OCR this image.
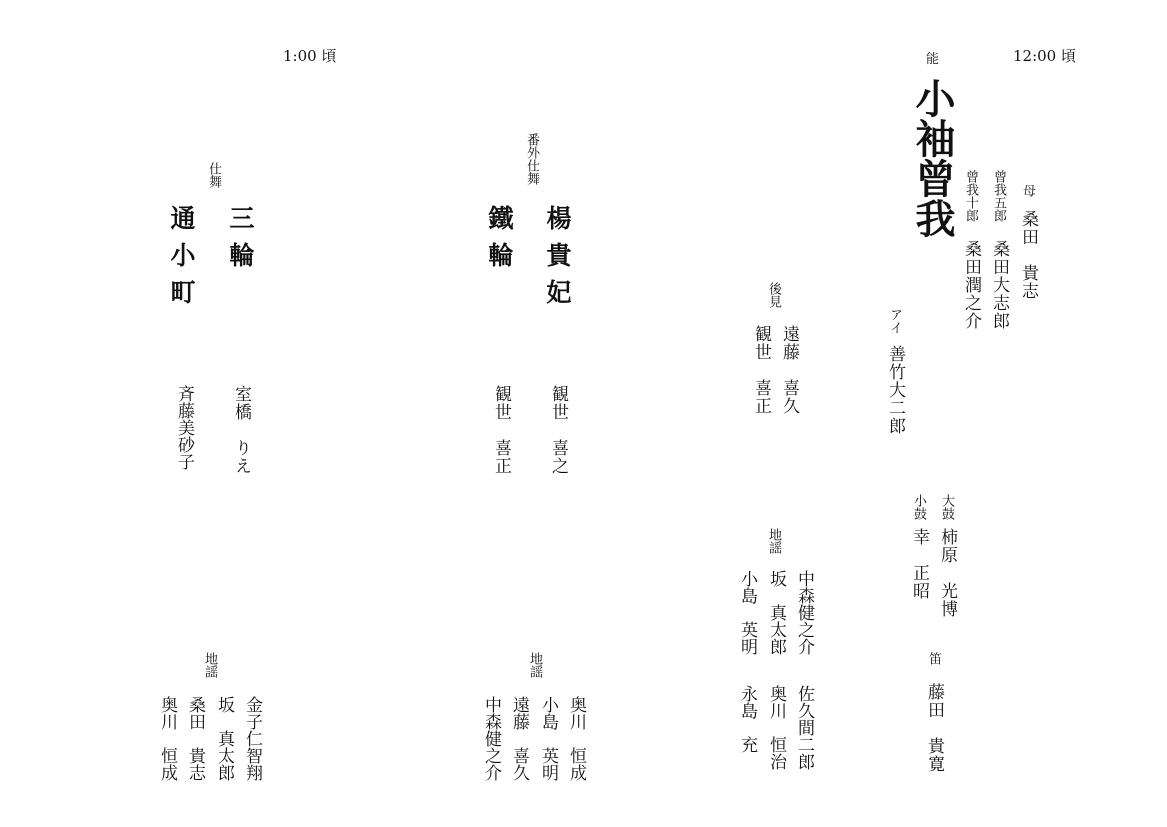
1:00 頃	12:00 頃
能
小袖曾我	母
曾我五郎
曾我十郎
アイ
桑田　貴志
桑田大志郎
桑田潤之介
善竹大二郎
後見
遠藤　喜久
観世　喜正
大鼓
柿原　光博
小鼓
幸　正昭
笛
藤田　貴寛
地謡
中森健之介
坂　真太郎
小島　英明
佐久間二郎
奥川　恒治
永島　充
番外仕舞
楊貴妃
鐵輪
観世　喜之
観世　喜正
地謡
奥川　恒成
小島　英明
遠藤　喜久
中森健之介
仕舞
三輪
通小町
室橋　りえ
斉藤美砂子
地謡
金子仁智翔
坂　真太郎
桑田　貴志
奥川　恒成
